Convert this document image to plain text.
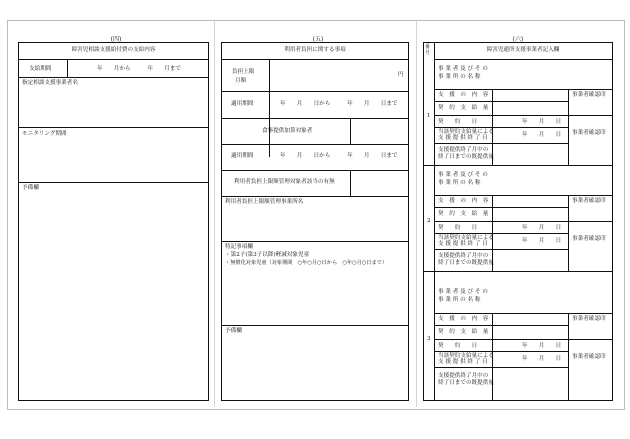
(四)
障害児相談支援給付費の支給内容
支給期間	年　　月から　　　年　　月まで
指定相談支援事業者名
モニタリング期間
予備欄
(五)
利用者負担に関する事項
負担上限
月額
円
適用期間	年　　月　　日から　　　年　　月　　日まで
食事提供加算対象者
適用期間	年　　月　　日から　　　年　　月　　日まで
利用者負担上限額管理対象者該当の有無
利用者負担上限額管理事業所名
特記事項欄
・第2子(第3子以降)軽減対象児童
・無償化対象児童（対象期間　○年○月○日から　○年○月○日まで）
予備欄
(六)
番号	障害児通所支援事業者記入欄
1
事 業 者 及 び そ の
事 業 所 の 名 称
支　援　の　内　容	事業者確認印
契　約　支　給　量
契　　約　　日	年　　月　　日
事業者確認印
当該契約支給量による
支 援 提 供 終 了 日	年　　月　　日
支援提供終了月中の
終了日までの既提供量
2
事 業 者 及 び そ の
事 業 所 の 名 称
支　援　の　内　容	事業者確認印
契　約　支　給　量
契　　約　　日	年　　月　　日
事業者確認印
当該契約支給量による
支 援 提 供 終 了 日	年　　月　　日
支援提供終了月中の
終了日までの既提供量
3
事 業 者 及 び そ の
事 業 所 の 名 称
支　援　の　内　容	事業者確認印
契　約　支　給　量
契　　約　　日	年　　月　　日
事業者確認印
当該契約支給量による
支 援 提 供 終 了 日	年　　月　　日
支援提供終了月中の
終了日までの既提供量
